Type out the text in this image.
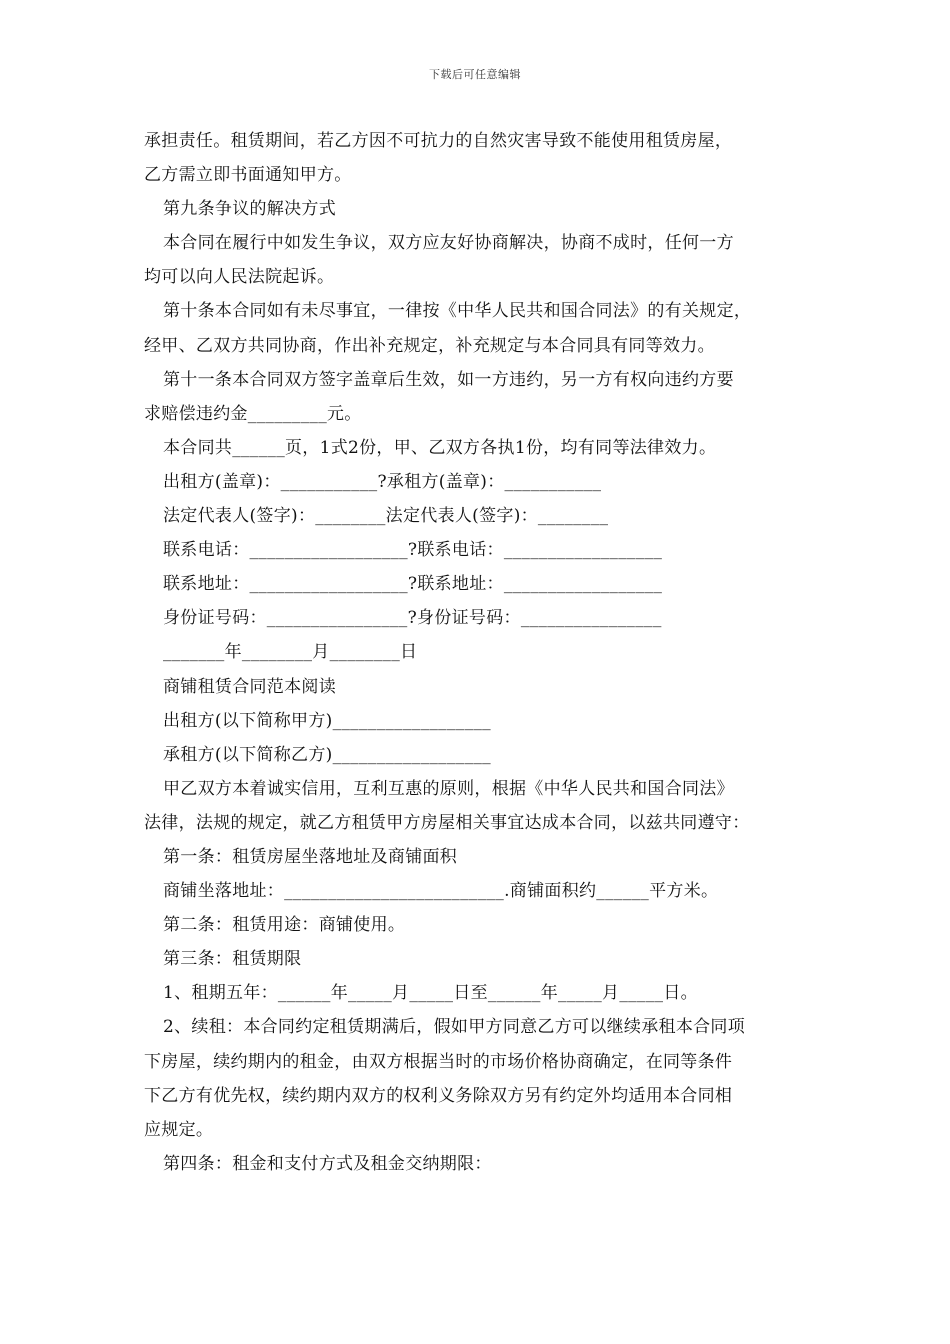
下载后可任意编辑
承担责任。租赁期间，若乙方因不可抗力的自然灾害导致不能使用租赁房屋，
乙方需立即书面通知甲方。
第九条争议的解决方式
本合同在履行中如发生争议，双方应友好协商解决，协商不成时，任何一方
均可以向人民法院起诉。
第十条本合同如有未尽事宜，一律按《中华人民共和国合同法》的有关规定，
经甲、乙双方共同协商，作出补充规定，补充规定与本合同具有同等效力。
第十一条本合同双方签字盖章后生效，如一方违约，另一方有权向违约方要
求赔偿违约金_________元。
本合同共______页，1式2份，甲、乙双方各执1份，均有同等法律效力。
出租方(盖章)：___________?承租方(盖章)：___________
法定代表人(签字)：________法定代表人(签字)：________
联系电话：__________________?联系电话：__________________
联系地址：__________________?联系地址：__________________
身份证号码：________________?身份证号码：________________
_______年________月________日
商铺租赁合同范本阅读
出租方(以下简称甲方)__________________
承租方(以下简称乙方)__________________
甲乙双方本着诚实信用，互利互惠的原则，根据《中华人民共和国合同法》
法律，法规的规定，就乙方租赁甲方房屋相关事宜达成本合同，以兹共同遵守：
第一条：租赁房屋坐落地址及商铺面积
商铺坐落地址：_________________________.商铺面积约______平方米。
第二条：租赁用途：商铺使用。
第三条：租赁期限
1、租期五年：______年_____月_____日至______年_____月_____日。
2、续租：本合同约定租赁期满后，假如甲方同意乙方可以继续承租本合同项
下房屋，续约期内的租金，由双方根据当时的市场价格协商确定，在同等条件
下乙方有优先权，续约期内双方的权利义务除双方另有约定外均适用本合同相
应规定。
第四条：租金和支付方式及租金交纳期限：
